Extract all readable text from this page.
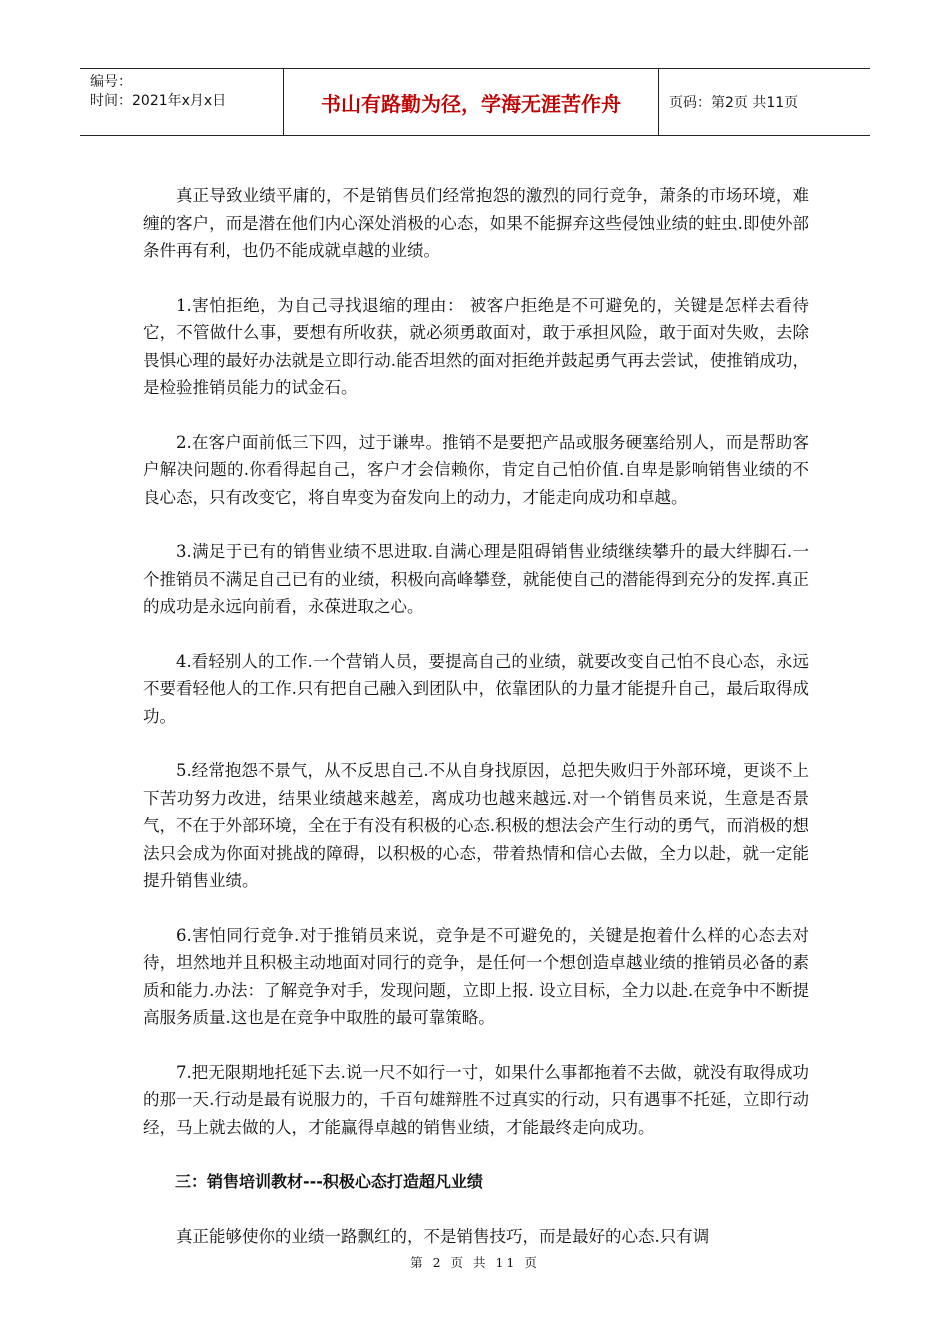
编号：
时间：2021年x月x日	书山有路勤为径，学海无涯苦作舟	页码：第2页 共11页

真正导致业绩平庸的，不是销售员们经常抱怨的激烈的同行竞争，萧条的市场环境，难缠的客户，而是潜在他们内心深处消极的心态，如果不能摒弃这些侵蚀业绩的蛀虫.即使外部条件再有利，也仍不能成就卓越的业绩。

1.害怕拒绝，为自己寻找退缩的理由： 被客户拒绝是不可避免的，关键是怎样去看待它，不管做什么事，要想有所收获，就必须勇敢面对，敢于承担风险，敢于面对失败，去除畏惧心理的最好办法就是立即行动.能否坦然的面对拒绝并鼓起勇气再去尝试，使推销成功，是检验推销员能力的试金石。

2.在客户面前低三下四，过于谦卑。推销不是要把产品或服务硬塞给别人，而是帮助客户解决问题的.你看得起自己，客户才会信赖你，肯定自己怕价值.自卑是影响销售业绩的不良心态，只有改变它，将自卑变为奋发向上的动力，才能走向成功和卓越。

3.满足于已有的销售业绩不思进取.自满心理是阻碍销售业绩继续攀升的最大绊脚石.一个推销员不满足自己已有的业绩，积极向高峰攀登，就能使自己的潜能得到充分的发挥.真正的成功是永远向前看，永葆进取之心。

4.看轻别人的工作.一个营销人员，要提高自己的业绩，就要改变自己怕不良心态，永远不要看轻他人的工作.只有把自己融入到团队中，依靠团队的力量才能提升自己，最后取得成功。

5.经常抱怨不景气，从不反思自己.不从自身找原因，总把失败归于外部环境，更谈不上下苦功努力改进，结果业绩越来越差，离成功也越来越远.对一个销售员来说，生意是否景气，不在于外部环境，全在于有没有积极的心态.积极的想法会产生行动的勇气，而消极的想法只会成为你面对挑战的障碍，以积极的心态，带着热情和信心去做，全力以赴，就一定能提升销售业绩。

6.害怕同行竞争.对于推销员来说，竞争是不可避免的，关键是抱着什么样的心态去对待，坦然地并且积极主动地面对同行的竞争，是任何一个想创造卓越业绩的推销员必备的素质和能力.办法：了解竞争对手，发现问题，立即上报. 设立目标，全力以赴.在竞争中不断提高服务质量.这也是在竞争中取胜的最可靠策略。

7.把无限期地托延下去.说一尺不如行一寸，如果什么事都拖着不去做，就没有取得成功的那一天.行动是最有说服力的，千百句雄辩胜不过真实的行动，只有遇事不托延，立即行动经，马上就去做的人，才能赢得卓越的销售业绩，才能最终走向成功。

三：销售培训教材---积极心态打造超凡业绩

真正能够使你的业绩一路飘红的，不是销售技巧，而是最好的心态.只有调

第 2 页 共 11 页
